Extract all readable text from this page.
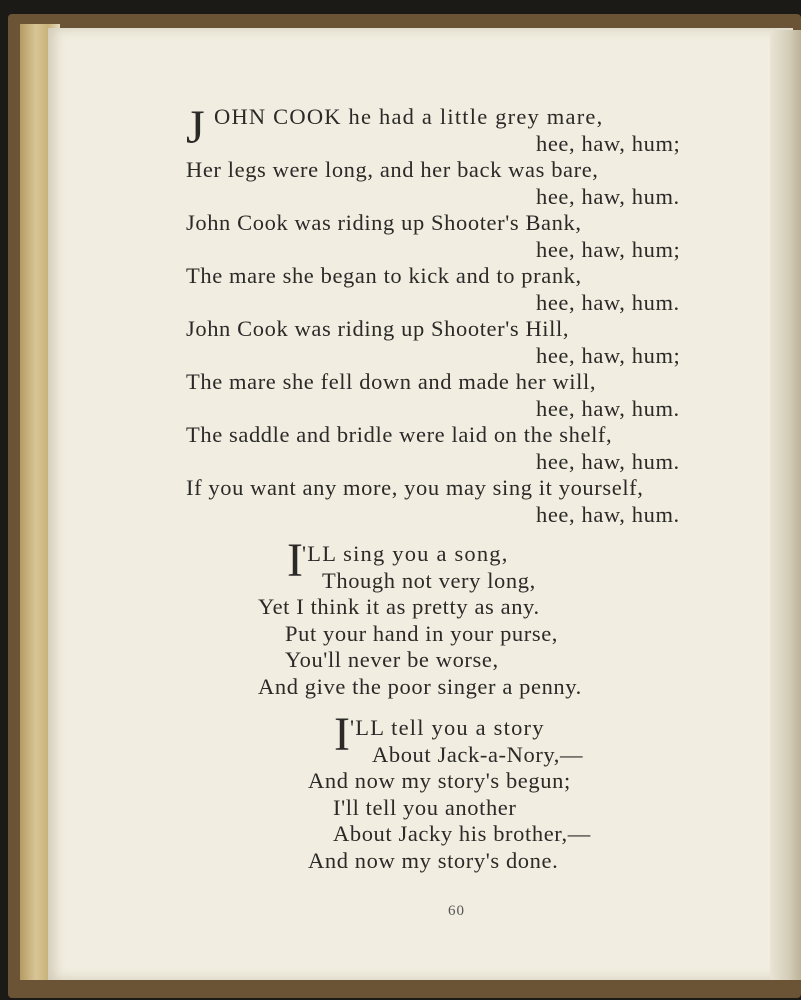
J OHN COOK he had a little grey mare,
hee, haw, hum;
Her legs were long, and her back was bare,
hee, haw, hum.
John Cook was riding up Shooter's Bank,
hee, haw, hum;
The mare she began to kick and to prank,
hee, haw, hum.
John Cook was riding up Shooter's Hill,
hee, haw, hum;
The mare she fell down and made her will,
hee, haw, hum.
The saddle and bridle were laid on the shelf,
hee, haw, hum.
If you want any more, you may sing it yourself,
hee, haw, hum.
I 'LL sing you a song,
Though not very long,
Yet I think it as pretty as any.
Put your hand in your purse,
You'll never be worse,
And give the poor singer a penny.
I 'LL tell you a story
About Jack-a-Nory,—
And now my story's begun;
I'll tell you another
About Jacky his brother,—
And now my story's done.
60
